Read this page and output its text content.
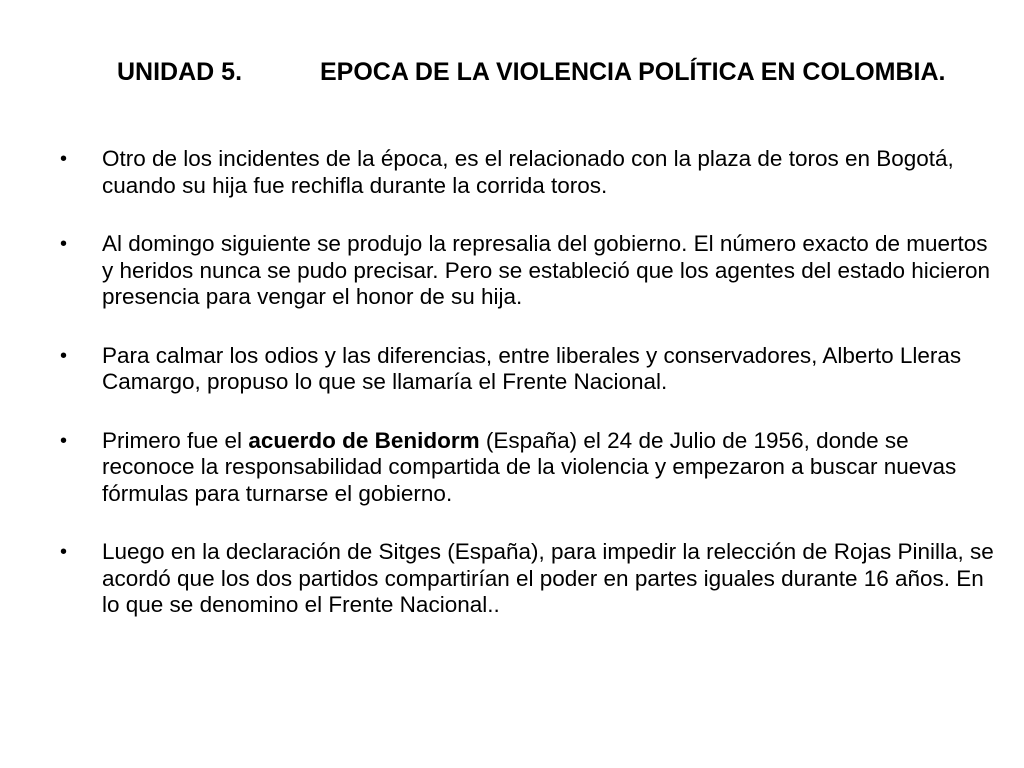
UNIDAD 5.	EPOCA DE LA VIOLENCIA POLÍTICA EN COLOMBIA.
•	Otro de los incidentes de la época, es el relacionado con la plaza de toros en Bogotá, cuando su hija fue rechifla durante la corrida toros.
•	Al domingo siguiente se produjo la represalia del gobierno. El número exacto de muertos y heridos nunca se pudo precisar. Pero se estableció que los agentes del estado hicieron presencia para vengar el honor de su hija.
•	Para calmar los odios y las diferencias, entre liberales y conservadores, Alberto Lleras Camargo, propuso lo que se llamaría el Frente Nacional.
•	Primero fue el acuerdo de Benidorm (España) el 24 de Julio de 1956, donde se reconoce la responsabilidad compartida de la violencia y empezaron a buscar nuevas fórmulas para turnarse el gobierno.
•	Luego en la declaración de Sitges (España), para impedir la relección de Rojas Pinilla, se acordó que los dos partidos compartirían el poder en partes iguales durante 16 años. En lo que se denomino el Frente Nacional..
